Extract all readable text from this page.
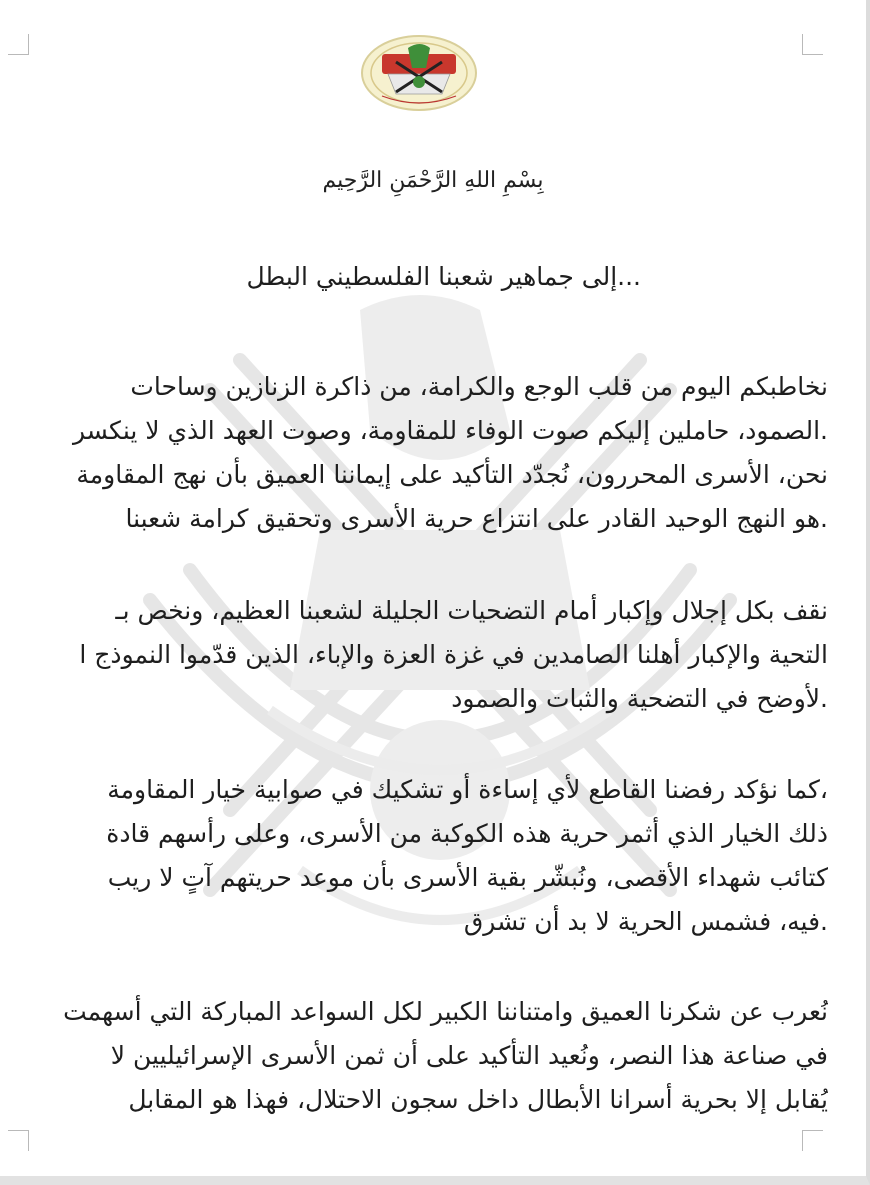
بِسْمِ اللهِ الرَّحْمَنِ الرَّحِيم
...إلى جماهير شعبنا الفلسطيني البطل
نخاطبكم اليوم من قلب الوجع والكرامة، من ذاكرة الزنازين وساحات
.الصمود، حاملين إليكم صوت الوفاء للمقاومة، وصوت العهد الذي لا ينكسر
نحن، الأسرى المحررون، نُجدّد التأكيد على إيماننا العميق بأن نهج المقاومة
.هو النهج الوحيد القادر على انتزاع حرية الأسرى وتحقيق كرامة شعبنا
نقف بكل إجلال وإكبار أمام التضحيات الجليلة لشعبنا العظيم، ونخص بـ
التحية والإكبار أهلنا الصامدين في غزة العزة والإباء، الذين قدّموا النموذج ا
.لأوضح في التضحية والثبات والصمود
،كما نؤكد رفضنا القاطع لأي إساءة أو تشكيك في صوابية خيار المقاومة
ذلك الخيار الذي أثمر حرية هذه الكوكبة من الأسرى، وعلى رأسهم قادة
كتائب شهداء الأقصى، ونُبشّر بقية الأسرى بأن موعد حريتهم آتٍ لا ريب
.فيه، فشمس الحرية لا بد أن تشرق
نُعرب عن شكرنا العميق وامتناننا الكبير لكل السواعد المباركة التي أسهمت
في صناعة هذا النصر، ونُعيد التأكيد على أن ثمن الأسرى الإسرائيليين لا
يُقابل إلا بحرية أسرانا الأبطال داخل سجون الاحتلال، فهذا هو المقابل
